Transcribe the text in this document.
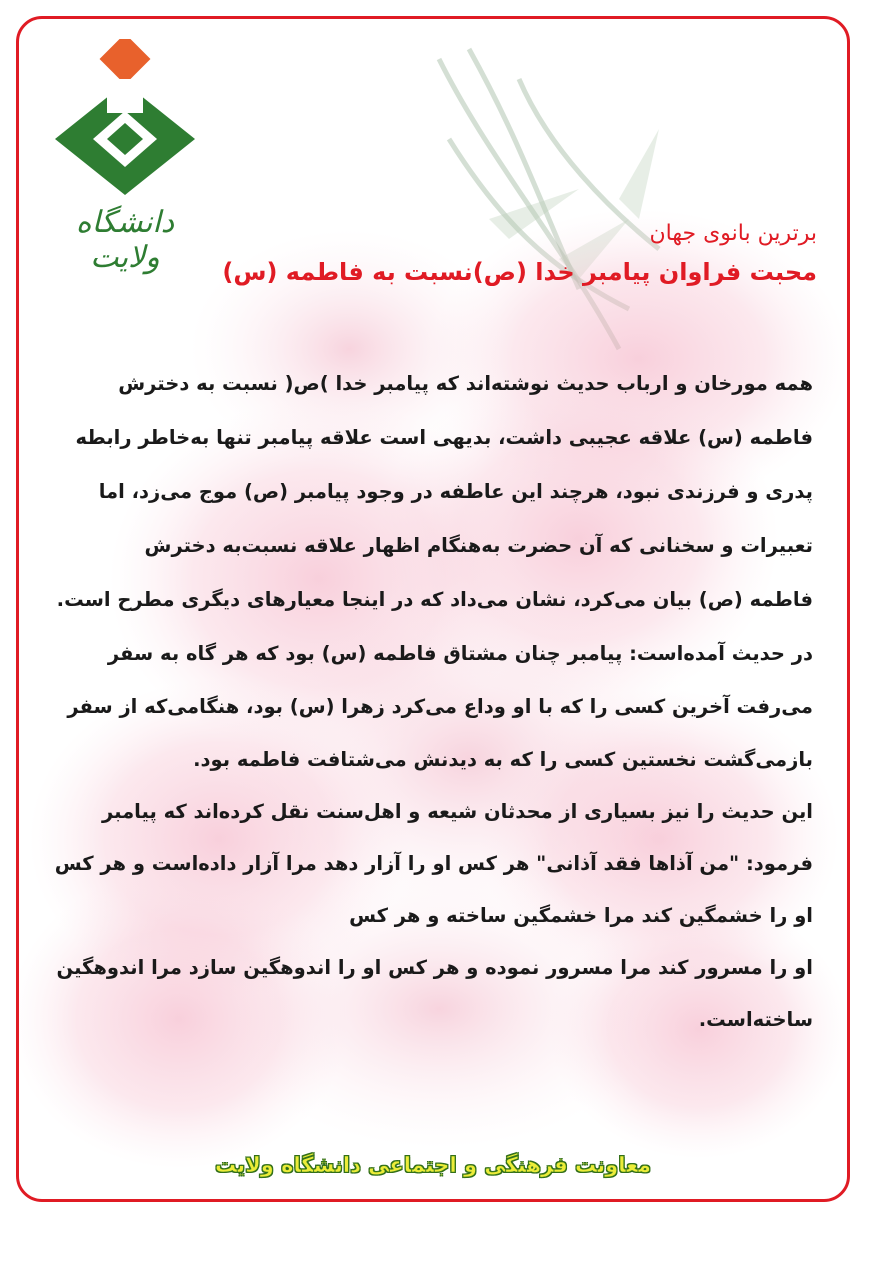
دانشگاه ولایت
برترین بانوی جهان
محبت فراوان پیامبر خدا (ص)نسبت به فاطمه (س)
همه مورخان و ارباب حدیث نوشته‌اند که پیامبر خدا )ص( نسبت به دخترش
فاطمه (س) علاقه عجیبی داشت، بدیهی است علاقه پیامبر تنها به‌خاطر رابطه
پدری و فرزندی نبود، هرچند این عاطفه در وجود پیامبر (ص) موج می‌زد، اما
تعبیرات و سخنانی که آن حضرت به‌هنگام اظهار علاقه نسبت‌به دخترش
فاطمه (ص) بیان می‌کرد، نشان می‌داد که در اینجا معیارهای دیگری مطرح است.
در حدیث آمده‌است: پیامبر چنان مشتاق فاطمه (س) بود که هر گاه به سفر
می‌رفت آخرین کسی را که با او وداع می‌کرد زهرا (س) بود، هنگامی‌که از سفر
بازمی‌گشت نخستین کسی را که به دیدنش می‌شتافت فاطمه بود.
این حدیث را نیز بسیاری از محدثان شیعه و اهل‌سنت نقل کرده‌اند که پیامبر
فرمود: "من آذاها فقد آذانی" هر کس او را آزار دهد مرا آزار داده‌است و هر کس
او را خشمگین کند مرا خشمگین ساخته و هر کس
او را مسرور کند مرا مسرور نموده و هر کس او را اندوهگین سازد مرا اندوهگین
ساخته‌است.
معاونت فرهنگی و اجتماعی دانشگاه ولایت
